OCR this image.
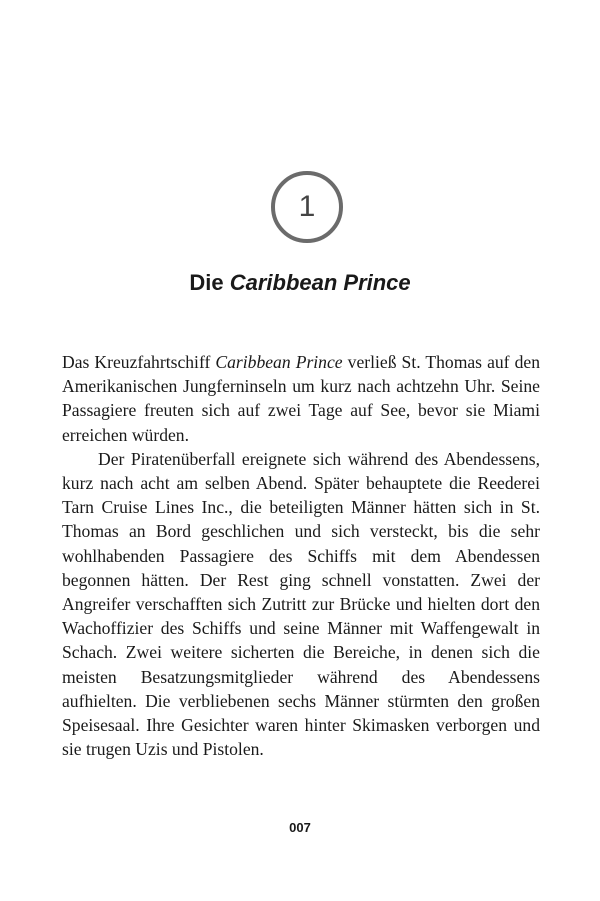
1
Die Caribbean Prince

Das Kreuzfahrtschiff Caribbean Prince verließ St. Thomas auf den Amerikanischen Jungferninseln um kurz nach achtzehn Uhr. Seine Passagiere freuten sich auf zwei Tage auf See, bevor sie Miami erreichen würden.

Der Piratenüberfall ereignete sich während des Abendessens, kurz nach acht am selben Abend. Später behauptete die Reederei Tarn Cruise Lines Inc., die beteiligten Männer hätten sich in St. Thomas an Bord geschlichen und sich versteckt, bis die sehr wohlhabenden Passagiere des Schiffs mit dem Abendessen begonnen hätten. Der Rest ging schnell vonstatten. Zwei der Angreifer verschafften sich Zutritt zur Brücke und hielten dort den Wachoffizier des Schiffs und seine Männer mit Waffengewalt in Schach. Zwei weitere sicherten die Bereiche, in denen sich die meisten Besatzungsmitglieder während des Abendessens aufhielten. Die verbliebenen sechs Männer stürmten den großen Speisesaal. Ihre Gesichter waren hinter Skimasken verborgen und sie trugen Uzis und Pistolen.

007
